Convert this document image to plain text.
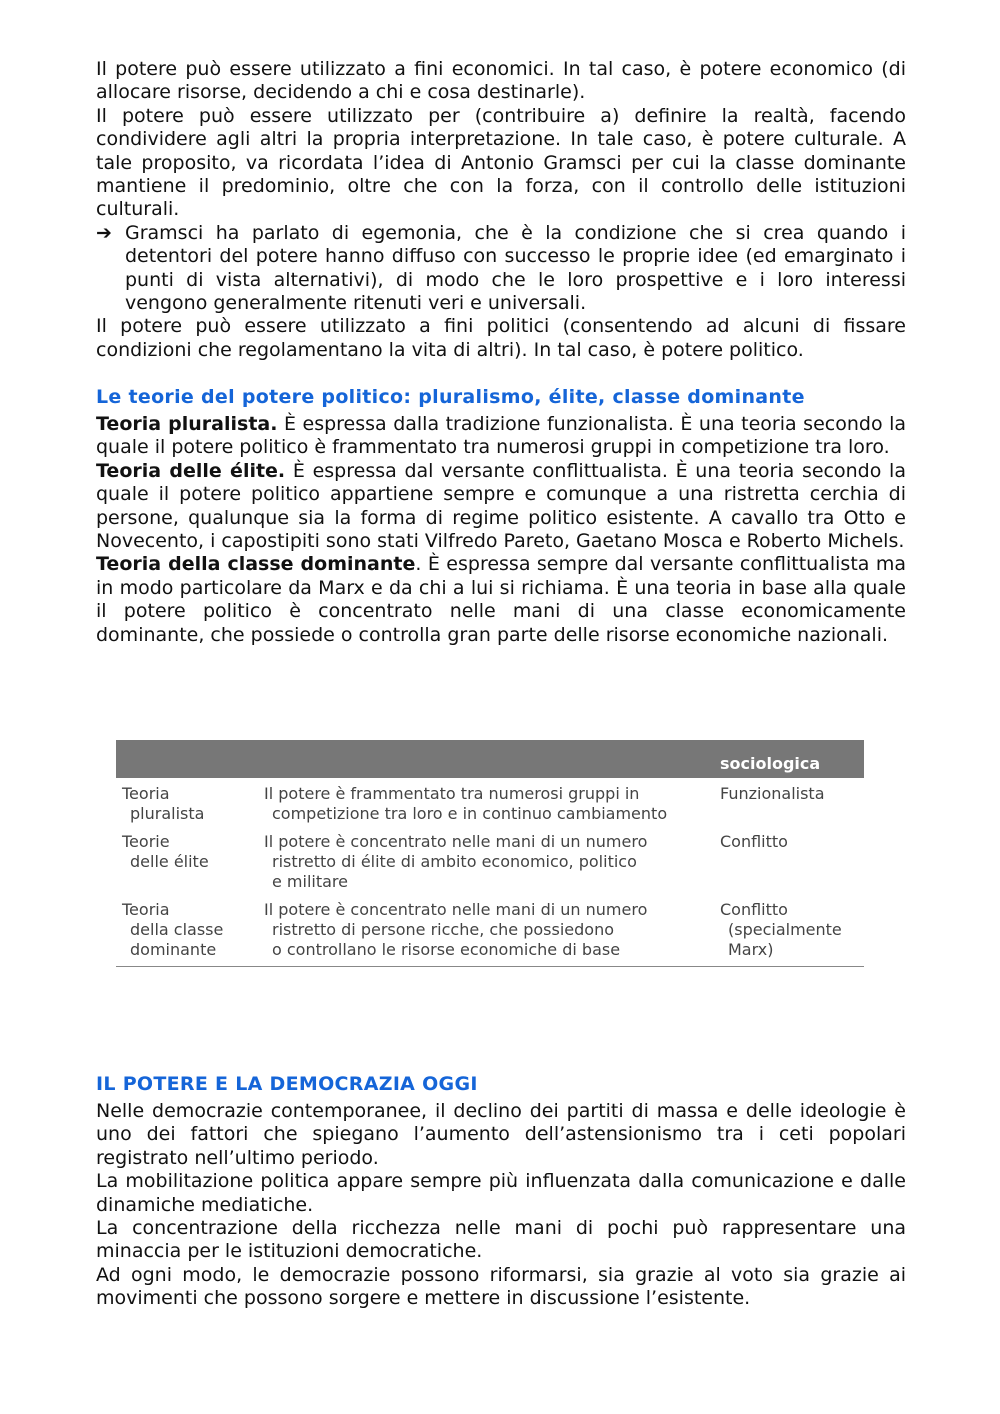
Il potere può essere utilizzato a fini economici. In tal caso, è potere economico (di allocare risorse, decidendo a chi e cosa destinarle).

Il potere può essere utilizzato per (contribuire a) definire la realtà, facendo condividere agli altri la propria interpretazione. In tale caso, è potere culturale. A tale proposito, va ricordata l’idea di Antonio Gramsci per cui la classe dominante mantiene il predominio, oltre che con la forza, con il controllo delle istituzioni culturali.

➔ Gramsci ha parlato di egemonia, che è la condizione che si crea quando i detentori del potere hanno diffuso con successo le proprie idee (ed emarginato i punti di vista alternativi), di modo che le loro prospettive e i loro interessi vengono generalmente ritenuti veri e universali.

Il potere può essere utilizzato a fini politici (consentendo ad alcuni di fissare condizioni che regolamentano la vita di altri). In tal caso, è potere politico.

Le teorie del potere politico: pluralismo, élite, classe dominante

Teoria pluralista. È espressa dalla tradizione funzionalista. È una teoria secondo la quale il potere politico è frammentato tra numerosi gruppi in competizione tra loro.

Teoria delle élite. È espressa dal versante conflittualista. È una teoria secondo la quale il potere politico appartiene sempre e comunque a una ristretta cerchia di persone, qualunque sia la forma di regime politico esistente. A cavallo tra Otto e Novecento, i capostipiti sono stati Vilfredo Pareto, Gaetano Mosca e Roberto Michels.

Teoria della classe dominante. È espressa sempre dal versante conflittualista ma in modo particolare da Marx e da chi a lui si richiama. È una teoria in base alla quale il potere politico è concentrato nelle mani di una classe economicamente dominante, che possiede o controlla gran parte delle risorse economiche nazionali.

		sociologica

Teoria
pluralista	Il potere è frammentato tra numerosi gruppi in
competizione tra loro e in continuo cambiamento	Funzionalista

Teorie
delle élite	Il potere è concentrato nelle mani di un numero
ristretto di élite di ambito economico, politico
e militare	Conflitto

Teoria
della classe
dominante	Il potere è concentrato nelle mani di un numero
ristretto di persone ricche, che possiedono
o controllano le risorse economiche di base	Conflitto
(specialmente
Marx)
IL POTERE E LA DEMOCRAZIA OGGI

Nelle democrazie contemporanee, il declino dei partiti di massa e delle ideologie è uno dei fattori che spiegano l’aumento dell’astensionismo tra i ceti popolari registrato nell’ultimo periodo.

La mobilitazione politica appare sempre più influenzata dalla comunicazione e dalle dinamiche mediatiche.

La concentrazione della ricchezza nelle mani di pochi può rappresentare una minaccia per le istituzioni democratiche.

Ad ogni modo, le democrazie possono riformarsi, sia grazie al voto sia grazie ai movimenti che possono sorgere e mettere in discussione l’esistente.
